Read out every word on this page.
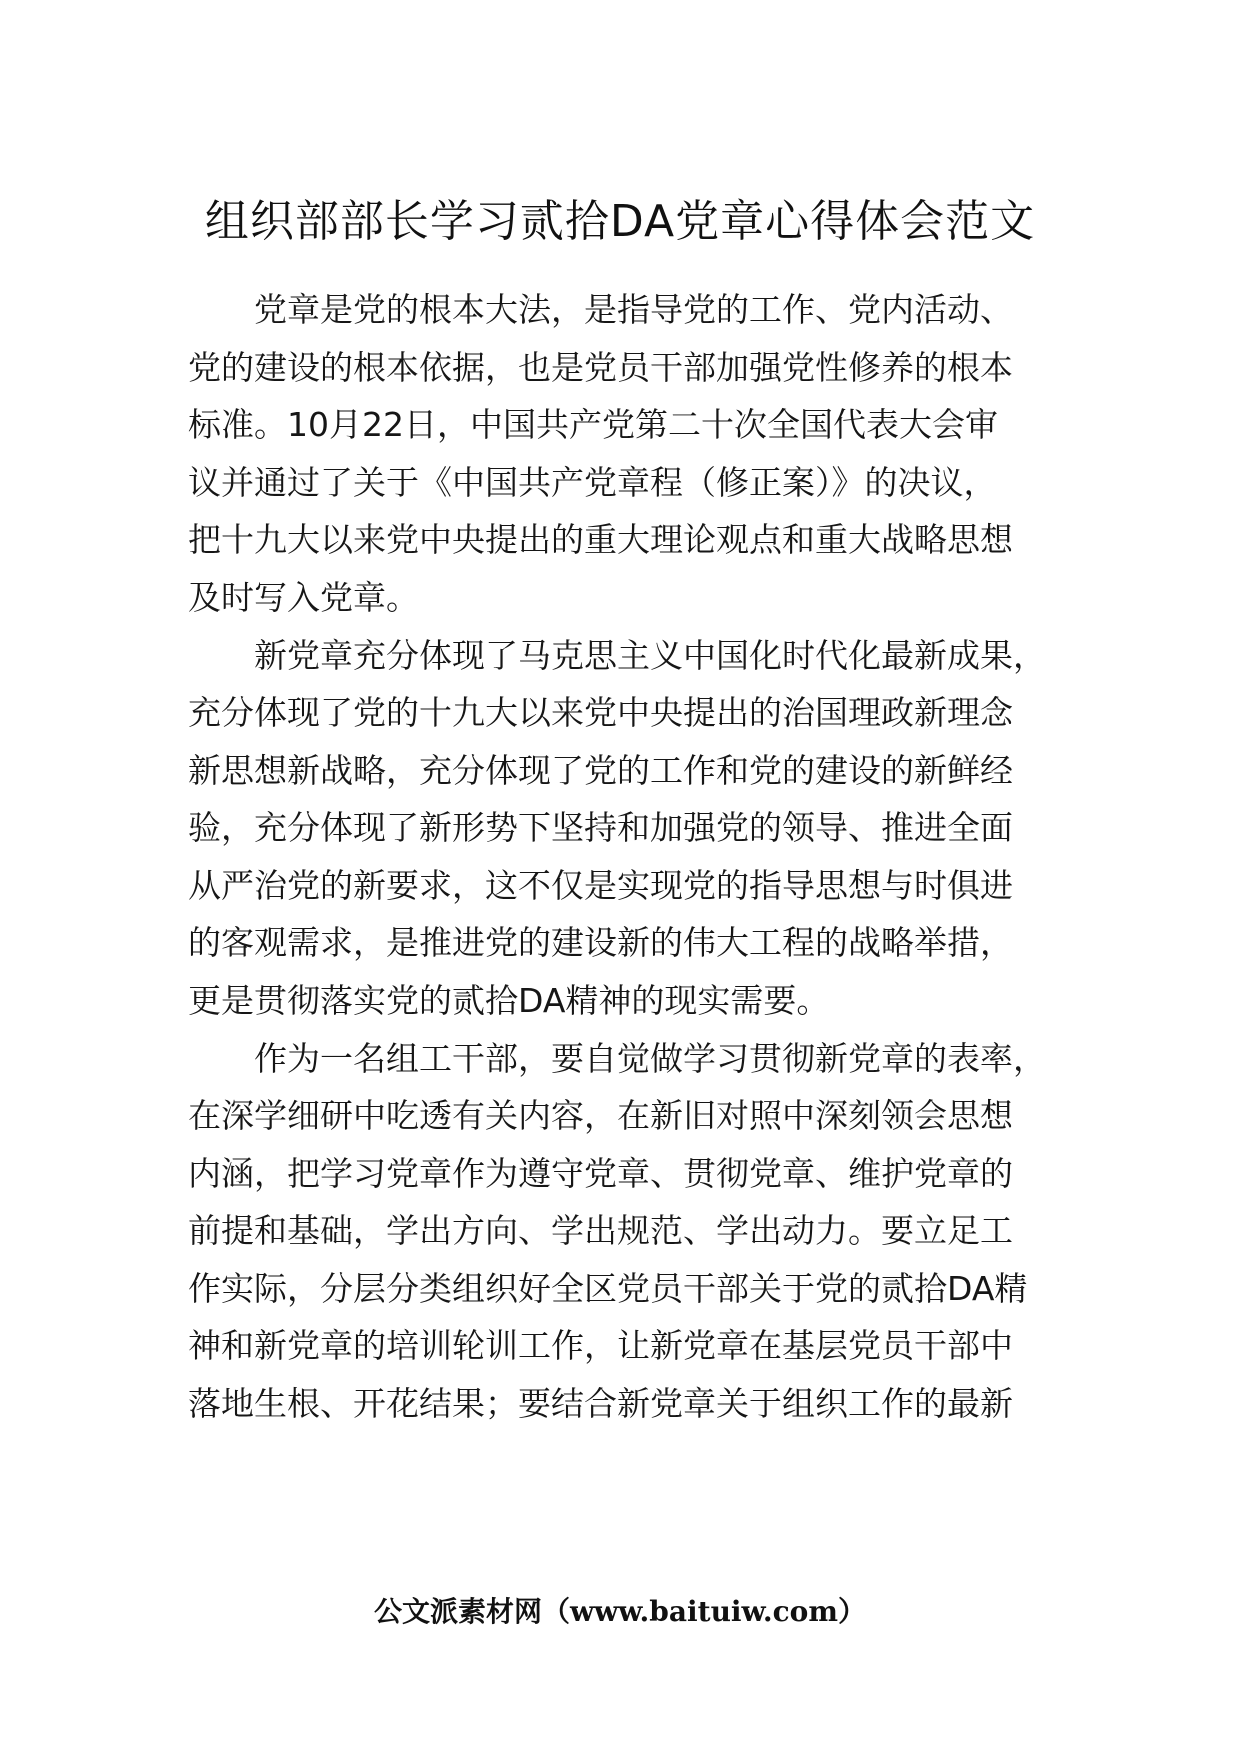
组织部部长学习贰拾DA党章心得体会范文
党章是党的根本大法，是指导党的工作、党内活动、
党的建设的根本依据，也是党员干部加强党性修养的根本
标准。10月22日，中国共产党第二十次全国代表大会审
议并通过了关于《中国共产党章程（修正案）》的决议，
把十九大以来党中央提出的重大理论观点和重大战略思想
及时写入党章。
新党章充分体现了马克思主义中国化时代化最新成果，
充分体现了党的十九大以来党中央提出的治国理政新理念
新思想新战略，充分体现了党的工作和党的建设的新鲜经
验，充分体现了新形势下坚持和加强党的领导、推进全面
从严治党的新要求，这不仅是实现党的指导思想与时俱进
的客观需求，是推进党的建设新的伟大工程的战略举措，
更是贯彻落实党的贰拾DA精神的现实需要。
作为一名组工干部，要自觉做学习贯彻新党章的表率，
在深学细研中吃透有关内容，在新旧对照中深刻领会思想
内涵，把学习党章作为遵守党章、贯彻党章、维护党章的
前提和基础，学出方向、学出规范、学出动力。要立足工
作实际，分层分类组织好全区党员干部关于党的贰拾DA精
神和新党章的培训轮训工作，让新党章在基层党员干部中
落地生根、开花结果；要结合新党章关于组织工作的最新
公文派素材网（www.baituiw.com）
